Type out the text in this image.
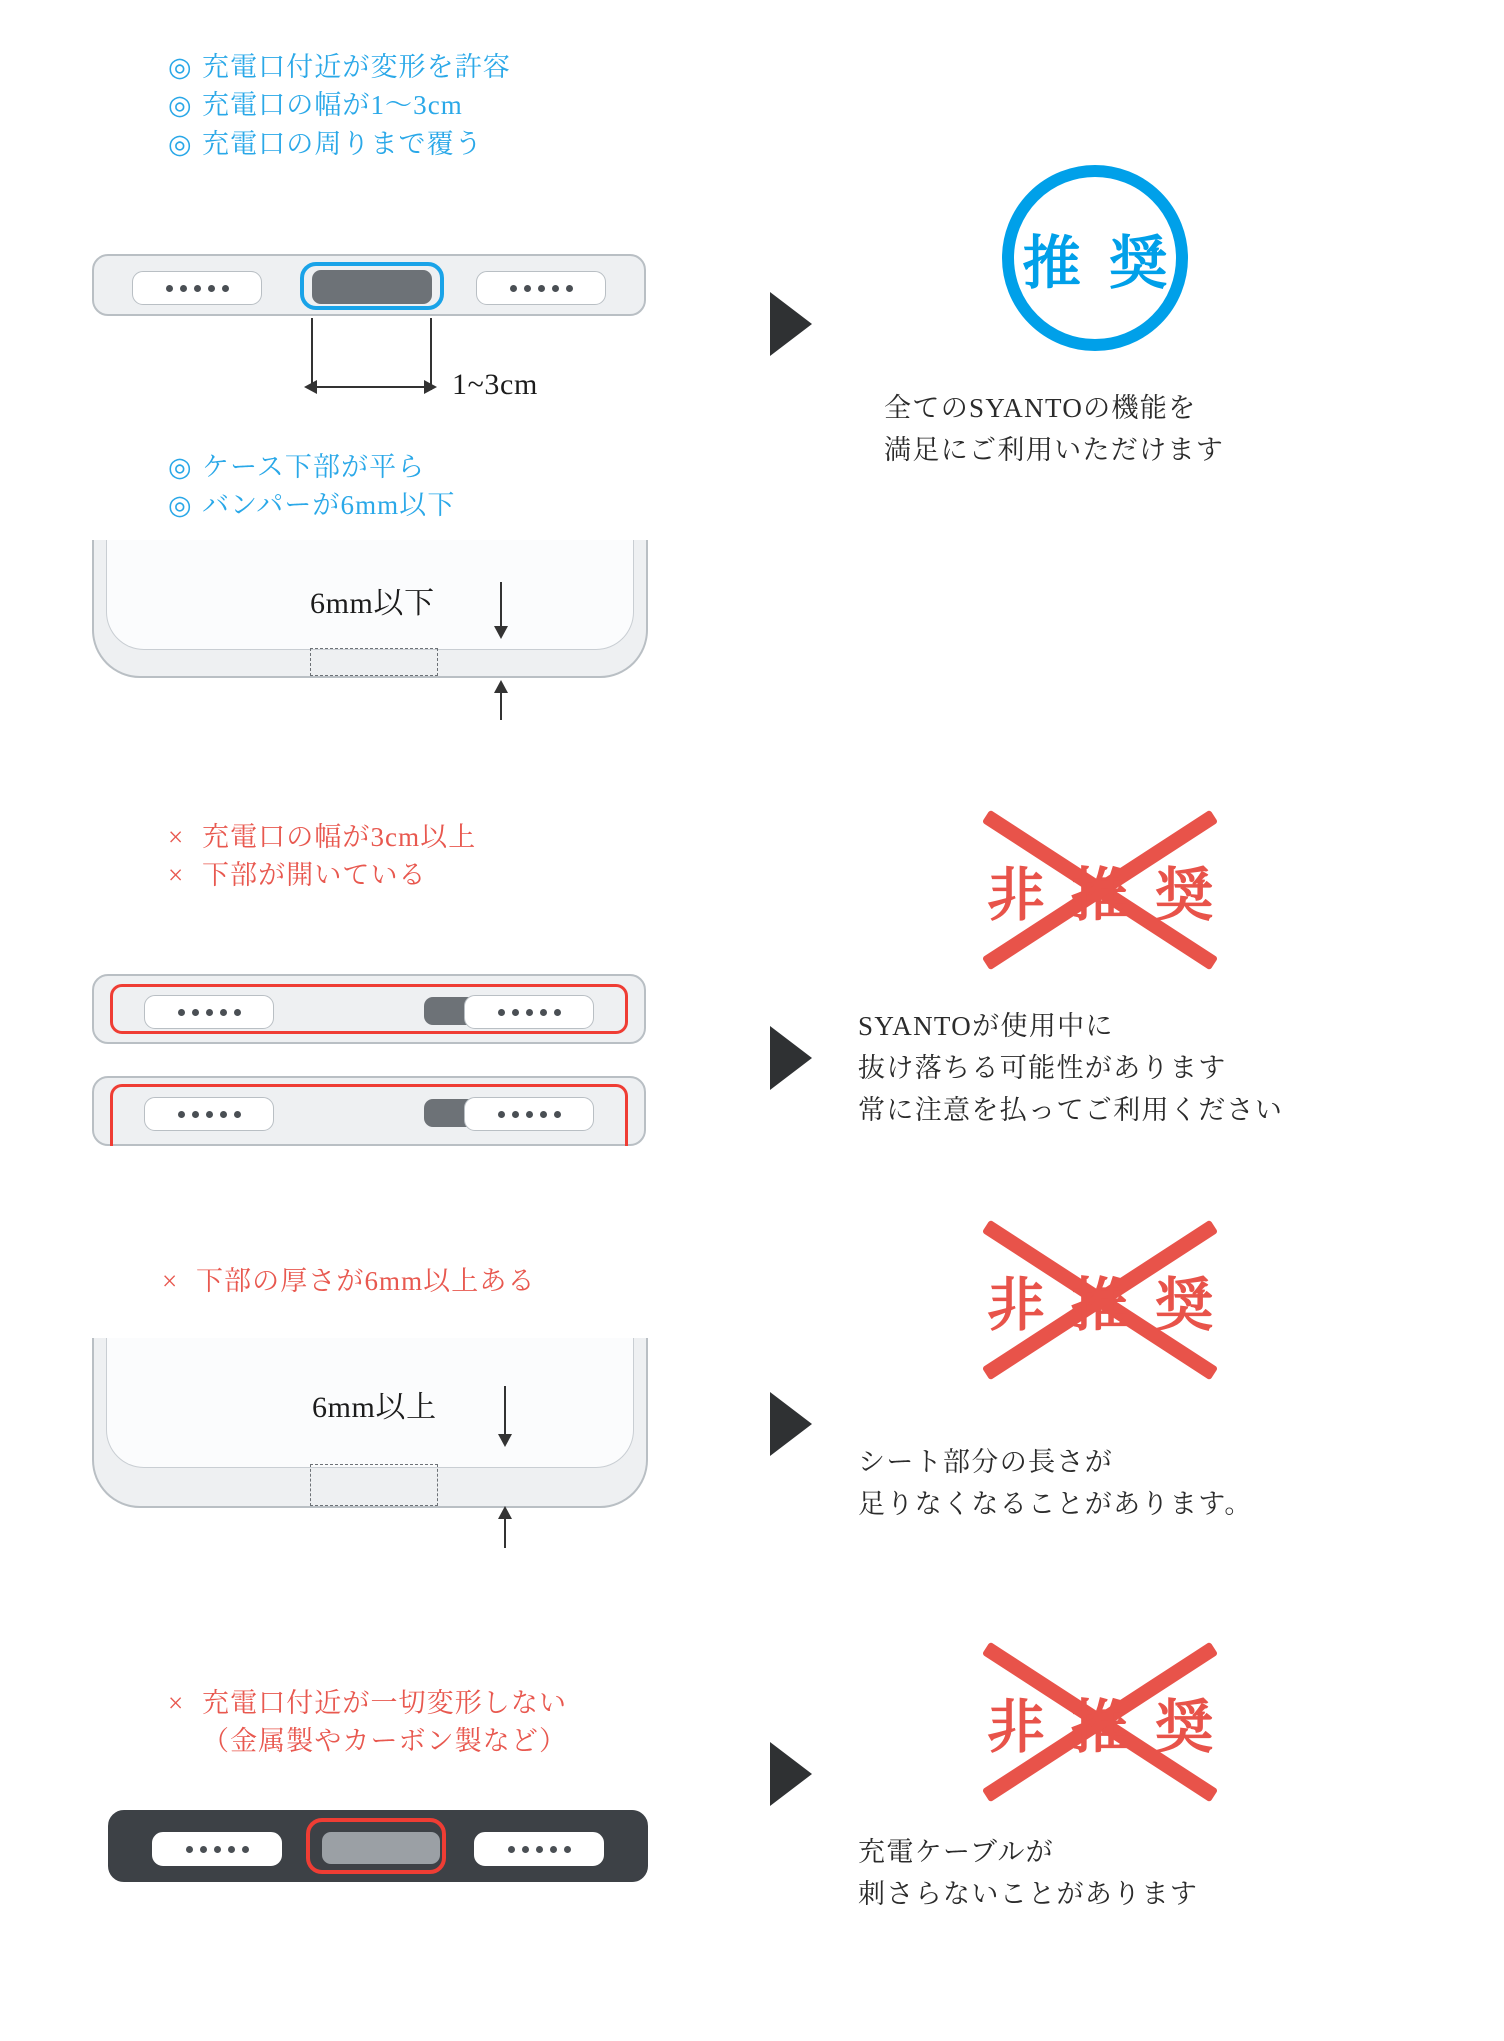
◎ 充電口付近が変形を許容
◎ 充電口の幅が1〜3cm
◎ 充電口の周りまで覆う
1~3cm
◎ ケース下部が平ら
◎ バンパーが6mm以下
6mm以下
推 奨
全てのSYANTOの機能を
満足にご利用いただけます
× 充電口の幅が3cm以上
× 下部が開いている	非 推 奨
SYANTOが使用中に
抜け落ちる可能性があります
常に注意を払ってご利用ください
× 下部の厚さが6mm以上ある
6mm以上
非 推 奨
シート部分の長さが
足りなくなることがあります。
× 充電口付近が一切変形しない
（金属製やカーボン製など）	非 推 奨
充電ケーブルが
刺さらないことがあります
